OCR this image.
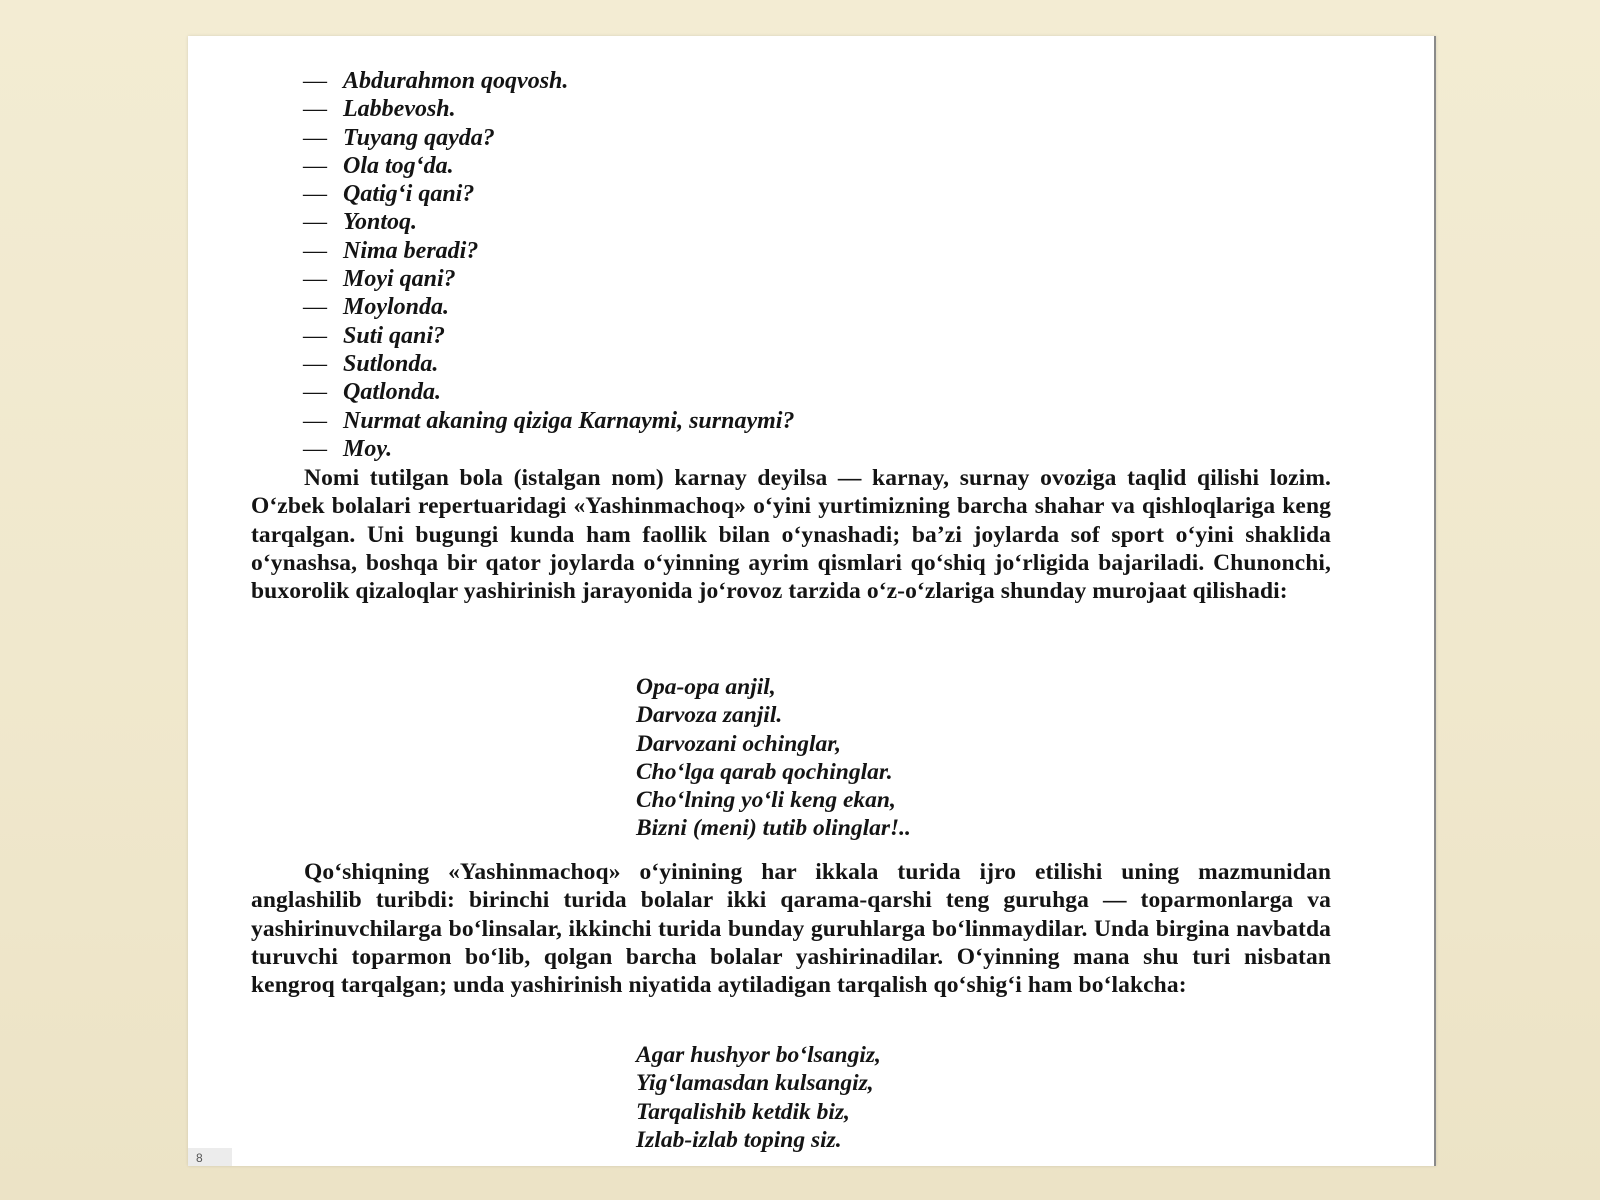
— Abdurahmon qoqvosh.
— Labbevosh.
— Tuyang qayda?
— Ola tog‘da.
— Qatig‘i qani?
— Yontoq.
— Nima beradi?
— Moyi qani?
— Moylonda.
— Suti qani?
— Sutlonda.
— Qatlonda.
— Nurmat akaning qiziga Karnaymi, surnaymi?
— Moy.

Nomi tutilgan bola (istalgan nom) karnay deyilsa — karnay, surnay ovoziga taqlid qilishi lozim. O‘zbek bolalari repertuaridagi «Yashinmachoq» o‘yini yurtimizning barcha shahar va qishloqlariga keng tarqalgan. Uni bugungi kunda ham faollik bilan o‘ynashadi; ba’zi joylarda sof sport o‘yini shaklida o‘ynashsa, boshqa bir qator joylarda o‘yinning ayrim qismlari qo‘shiq jo‘rligida bajariladi. Chunonchi, buxorolik qizaloqlar yashirinish jarayonida jo‘rovoz tarzida o‘z-o‘zlariga shunday murojaat qilishadi:

Opa-opa anjil,
Darvoza zanjil.
Darvozani ochinglar,
Cho‘lga qarab qochinglar.
Cho‘lning yo‘li keng ekan,
Bizni (meni) tutib olinglar!..

Qo‘shiqning «Yashinmachoq» o‘yinining har ikkala turida ijro etilishi uning mazmunidan anglashilib turibdi: birinchi turida bolalar ikki qarama-qarshi teng guruhga — toparmonlarga va yashirinuvchilarga bo‘linsalar, ikkinchi turida bunday guruhlarga bo‘linmaydilar. Unda birgina navbatda turuvchi toparmon bo‘lib, qolgan barcha bolalar yashirinadilar. O‘yinning mana shu turi nisbatan kengroq tarqalgan; unda yashirinish niyatida aytiladigan tarqalish qo‘shig‘i ham bo‘lakcha:

Agar hushyor bo‘lsangiz,
Yig‘lamasdan kulsangiz,
Tarqalishib ketdik biz,
Izlab-izlab toping siz.
8
